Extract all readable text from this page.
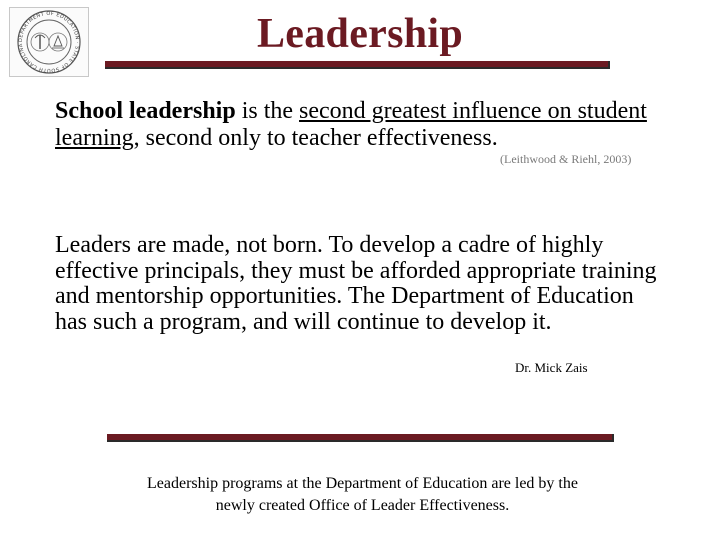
DEPARTMENT OF EDUCATION · STATE OF SOUTH CAROLINA	Leadership
School leadership is the second greatest influence on student learning, second only to teacher effectiveness.
(Leithwood & Riehl, 2003)
Leaders are made, not born. To develop a cadre of highly effective principals, they must be afforded appropriate training and mentorship opportunities. The Department of Education has such a program, and will continue to develop it.
Dr. Mick Zais
Leadership programs at the Department of Education are led by the
newly created Office of Leader Effectiveness.
